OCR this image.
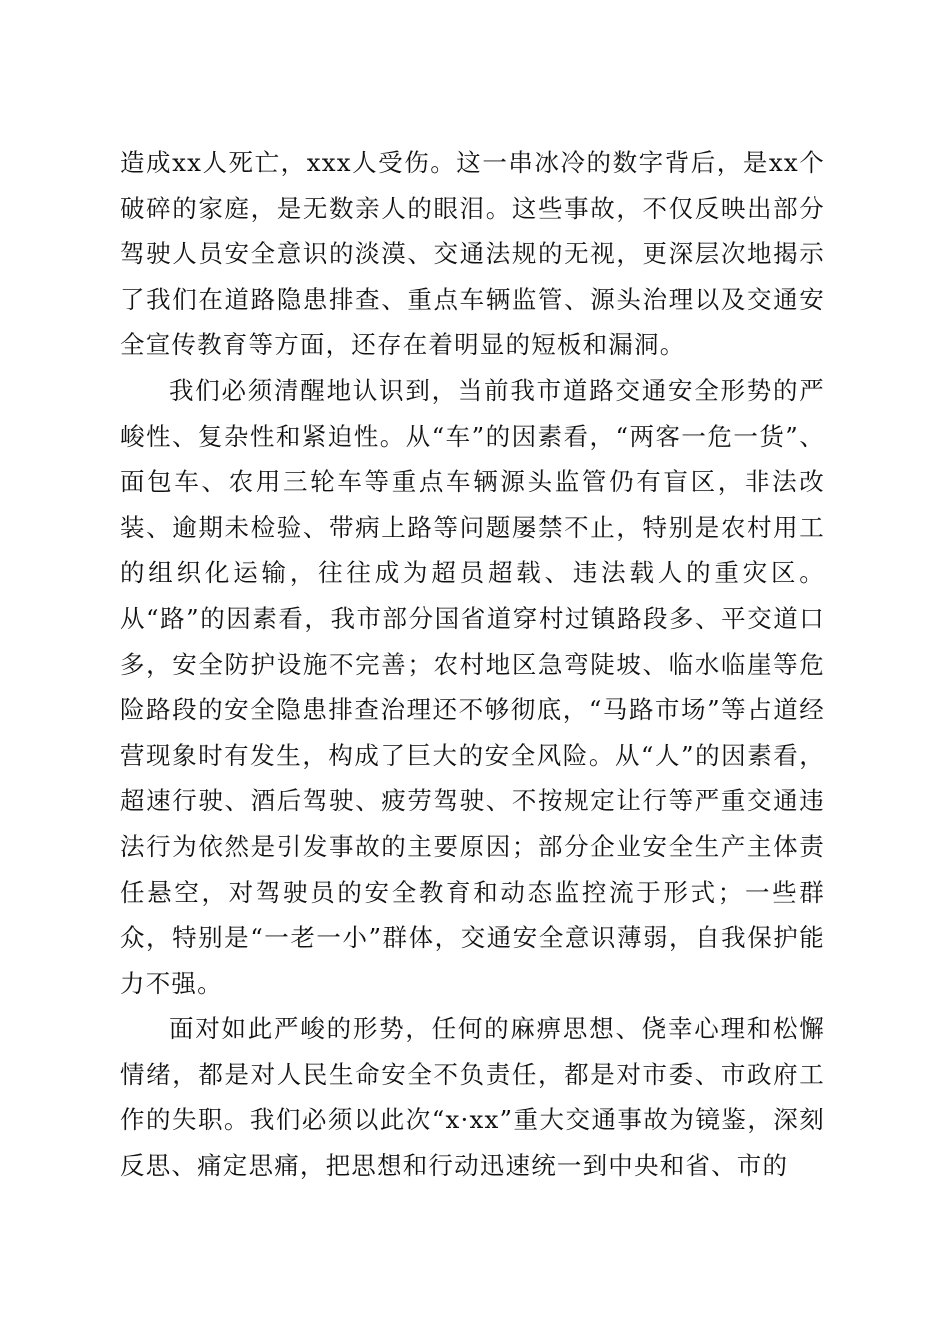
造成xx人死亡，xxx人受伤。这一串冰冷的数字背后，是xx个破碎的家庭，是无数亲人的眼泪。这些事故，不仅反映出部分驾驶人员安全意识的淡漠、交通法规的无视，更深层次地揭示了我们在道路隐患排查、重点车辆监管、源头治理以及交通安全宣传教育等方面，还存在着明显的短板和漏洞。

我们必须清醒地认识到，当前我市道路交通安全形势的严峻性、复杂性和紧迫性。从“车”的因素看，“两客一危一货”、面包车、农用三轮车等重点车辆源头监管仍有盲区，非法改装、逾期未检验、带病上路等问题屡禁不止，特别是农村用工的组织化运输，往往成为超员超载、违法载人的重灾区。从“路”的因素看，我市部分国省道穿村过镇路段多、平交道口多，安全防护设施不完善；农村地区急弯陡坡、临水临崖等危险路段的安全隐患排查治理还不够彻底，“马路市场”等占道经营现象时有发生，构成了巨大的安全风险。从“人”的因素看，超速行驶、酒后驾驶、疲劳驾驶、不按规定让行等严重交通违法行为依然是引发事故的主要原因；部分企业安全生产主体责任悬空，对驾驶员的安全教育和动态监控流于形式；一些群众，特别是“一老一小”群体，交通安全意识薄弱，自我保护能力不强。

面对如此严峻的形势，任何的麻痹思想、侥幸心理和松懈情绪，都是对人民生命安全不负责任，都是对市委、市政府工作的失职。我们必须以此次“x·xx”重大交通事故为镜鉴，深刻反思、痛定思痛，把思想和行动迅速统一到中央和省、市的
